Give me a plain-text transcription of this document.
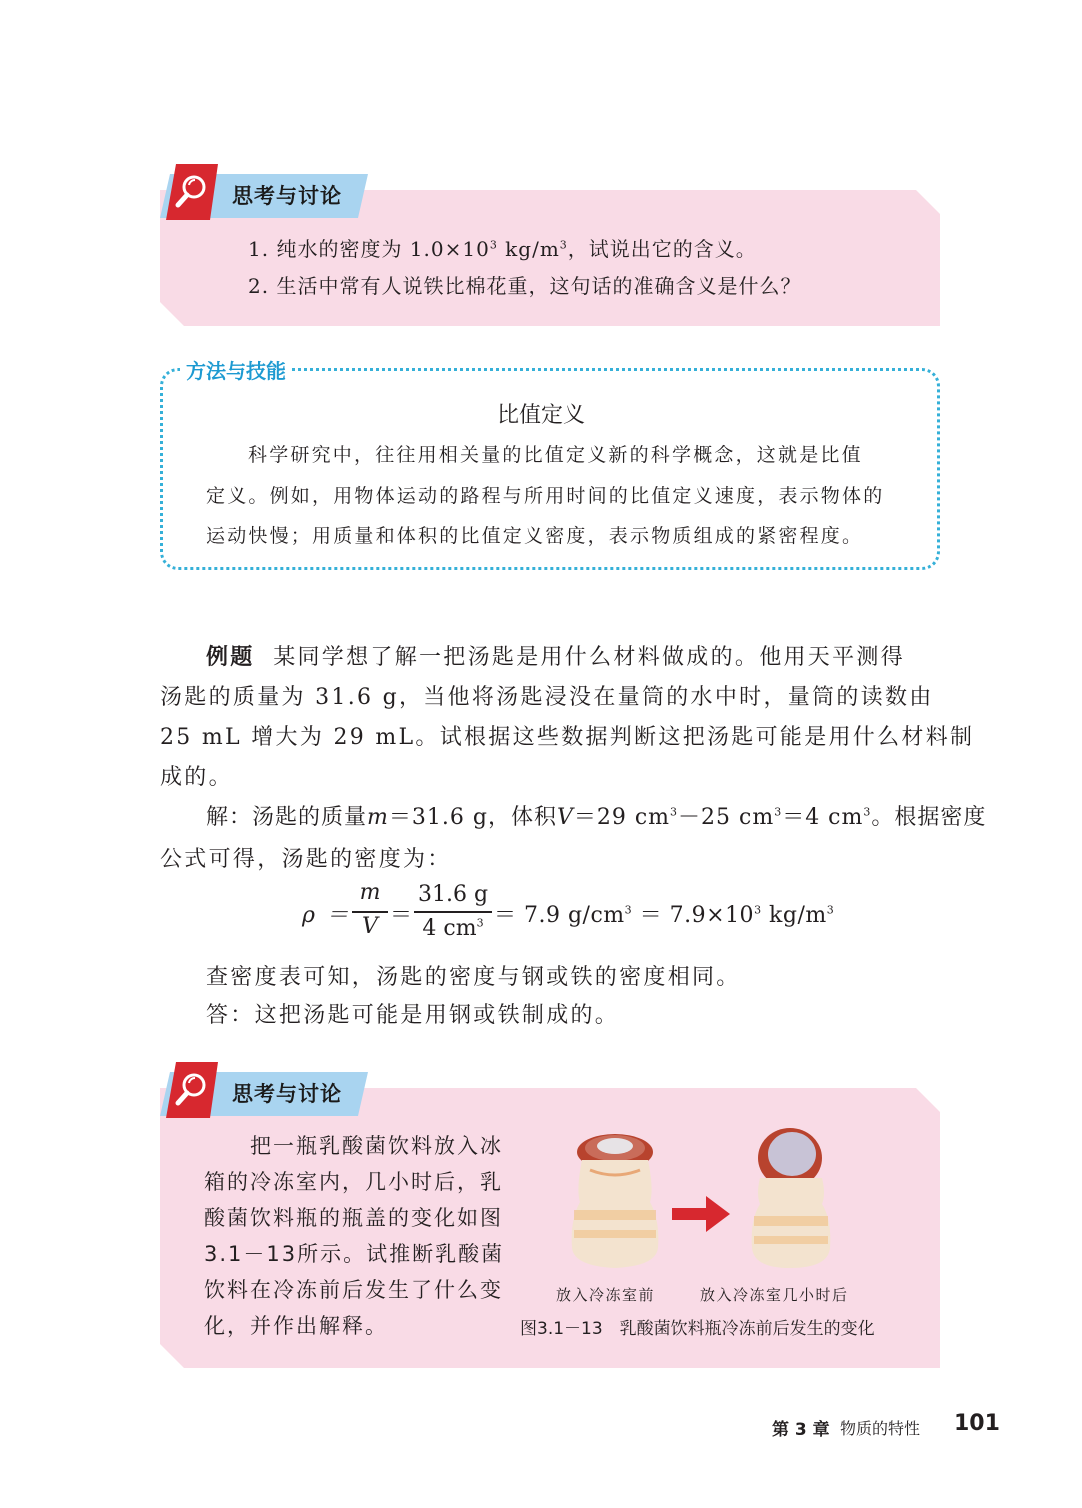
思考与讨论
1. 纯水的密度为 $1.0\times 10^3$ $kg/m^3$，试说出它的含义。
2. 生活中常有人说铁比棉花重，这句话的准确含义是什么？
方法与技能
比值定义
科学研究中，往往用相关量的比值定义新的科学概念，这就是比值
定义。例如，用物体运动的路程与所用时间的比值定义速度，表示物体的
运动快慢；用质量和体积的比值定义密度，表示物质组成的紧密程度。
例题 某同学想了解一把汤匙是用什么材料做成的。他用天平测得
汤匙的质量为 31.6 g，当他将汤匙浸没在量筒的水中时，量筒的读数由
25 mL 增大为 29 mL。试根据这些数据判断这把汤匙可能是用什么材料制
成的。
解：汤匙的质量m＝31.6 g，体积V＝29 $cm^3-25$ $cm^3=4$ $cm^3$。根据密度
公式可得，汤匙的密度为：
ρ ＝
m
V ＝
31.6 g
4 $cm^3 = 7.9$ $g/cm^3 = 7.9\times 10^3$ $kg/m^3$
查密度表可知，汤匙的密度与钢或铁的密度相同。
答：这把汤匙可能是用钢或铁制成的。
思考与讨论
把一瓶乳酸菌饮料放入冰
箱的冷冻室内，几小时后，乳
酸菌饮料瓶的瓶盖的变化如图
3.1－13所示。试推断乳酸菌
饮料在冷冻前后发生了什么变
化，并作出解释。
放入冷冻室前	放入冷冻室几小时后
图3.1－13　乳酸菌饮料瓶冷冻前后发生的变化
第 3 章 物质的特性 101
